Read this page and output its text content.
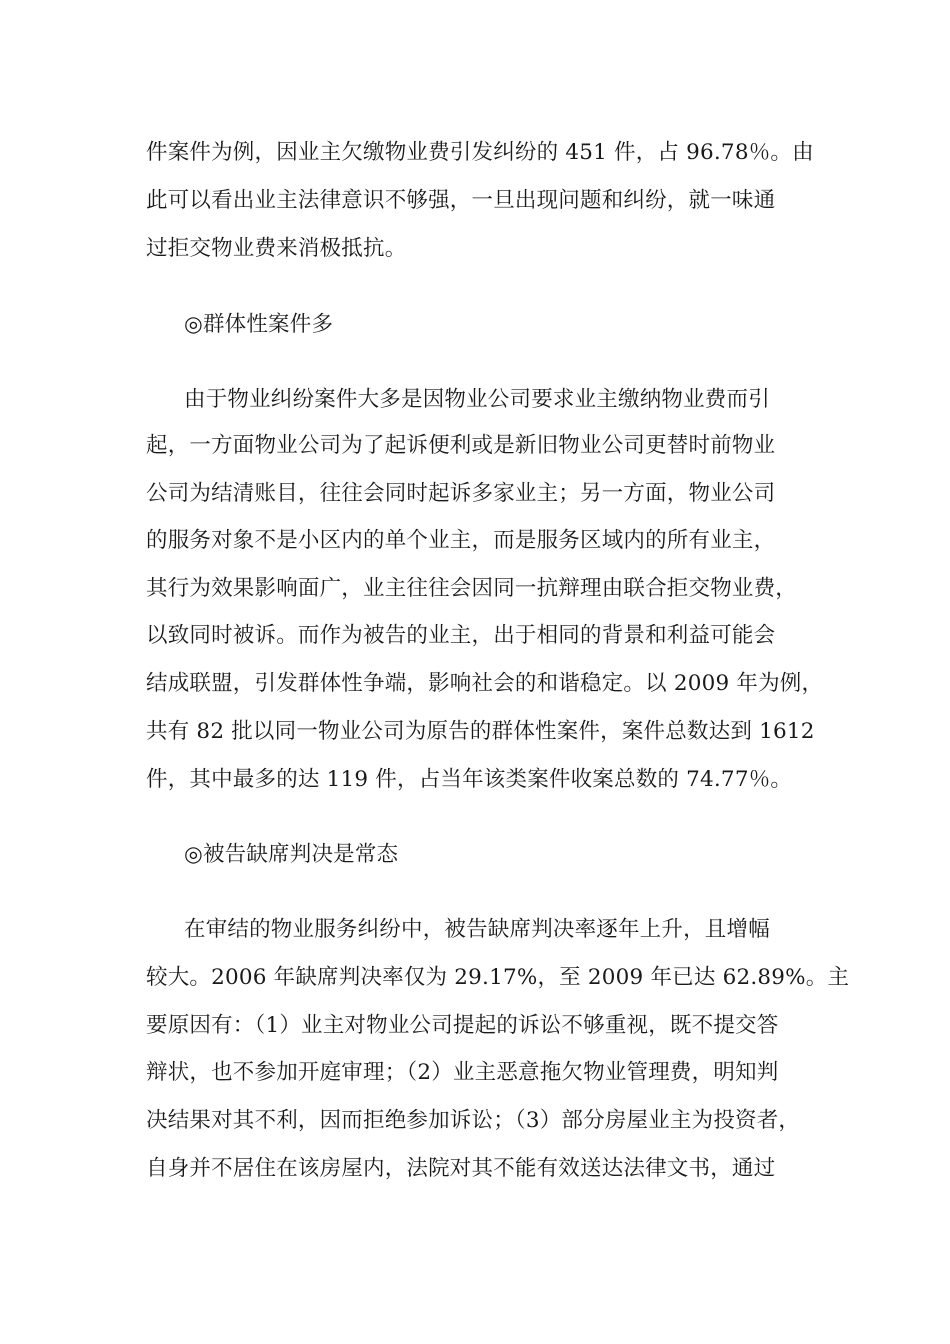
件案件为例，因业主欠缴物业费引发纠纷的 451 件，占 96.78％。由
此可以看出业主法律意识不够强，一旦出现问题和纠纷，就一味通
过拒交物业费来消极抵抗。
◎群体性案件多
由于物业纠纷案件大多是因物业公司要求业主缴纳物业费而引
起，一方面物业公司为了起诉便利或是新旧物业公司更替时前物业
公司为结清账目，往往会同时起诉多家业主；另一方面，物业公司
的服务对象不是小区内的单个业主，而是服务区域内的所有业主，
其行为效果影响面广，业主往往会因同一抗辩理由联合拒交物业费，
以致同时被诉。而作为被告的业主，出于相同的背景和利益可能会
结成联盟，引发群体性争端，影响社会的和谐稳定。以 2009 年为例，
共有 82 批以同一物业公司为原告的群体性案件，案件总数达到 1612
件，其中最多的达 119 件，占当年该类案件收案总数的 74.77％。
◎被告缺席判决是常态
在审结的物业服务纠纷中，被告缺席判决率逐年上升，且增幅
较大。2006 年缺席判决率仅为 29.17%，至 2009 年已达 62.89%。主
要原因有：（1）业主对物业公司提起的诉讼不够重视，既不提交答
辩状，也不参加开庭审理；（2）业主恶意拖欠物业管理费，明知判
决结果对其不利，因而拒绝参加诉讼；（3）部分房屋业主为投资者，
自身并不居住在该房屋内，法院对其不能有效送达法律文书，通过
